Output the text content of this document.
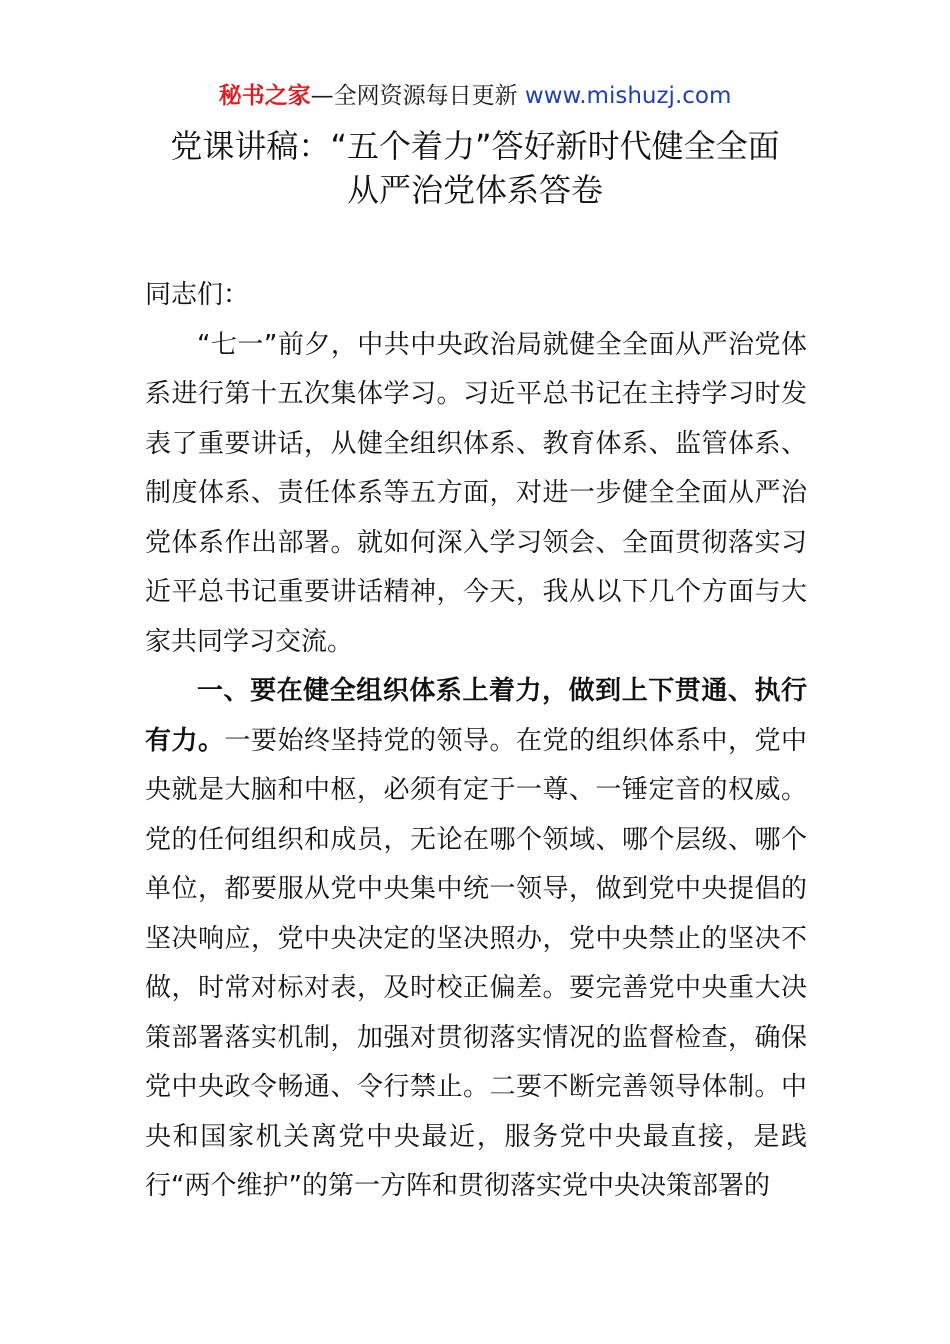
秘书之家—全网资源每日更新 www.mishuzj.com
党课讲稿：“五个着力”答好新时代健全全面
从严治党体系答卷

同志们：

“七一”前夕，中共中央政治局就健全全面从严治党体系进行第十五次集体学习。习近平总书记在主持学习时发表了重要讲话，从健全组织体系、教育体系、监管体系、制度体系、责任体系等五方面，对进一步健全全面从严治党体系作出部署。就如何深入学习领会、全面贯彻落实习近平总书记重要讲话精神，今天，我从以下几个方面与大家共同学习交流。

一、要在健全组织体系上着力，做到上下贯通、执行有力。一要始终坚持党的领导。在党的组织体系中，党中央就是大脑和中枢，必须有定于一尊、一锤定音的权威。党的任何组织和成员，无论在哪个领域、哪个层级、哪个单位，都要服从党中央集中统一领导，做到党中央提倡的坚决响应，党中央决定的坚决照办，党中央禁止的坚决不做，时常对标对表，及时校正偏差。要完善党中央重大决策部署落实机制，加强对贯彻落实情况的监督检查，确保党中央政令畅通、令行禁止。二要不断完善领导体制。中央和国家机关离党中央最近，服务党中央最直接，是践行“两个维护”的第一方阵和贯彻落实党中央决策部署的
